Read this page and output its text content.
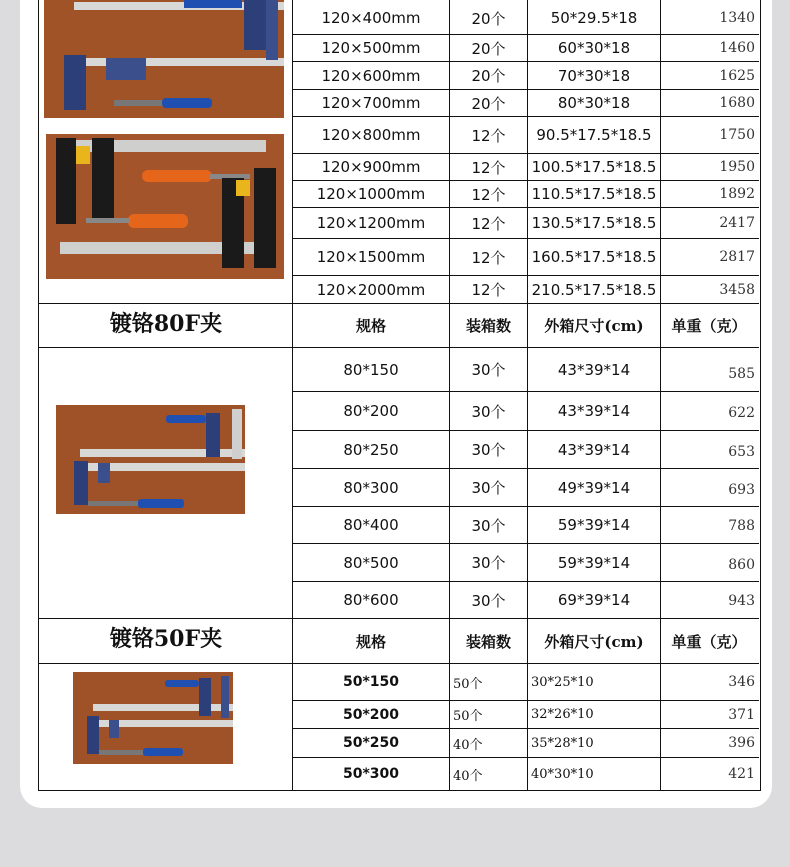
120×400mm	20个	50*29.5*18	1340
120×500mm	20个	60*30*18	1460
120×600mm	20个	70*30*18	1625
120×700mm	20个	80*30*18	1680
120×800mm	12个	90.5*17.5*18.5	1750
120×900mm	12个	100.5*17.5*18.5	1950
120×1000mm	12个	110.5*17.5*18.5	1892
120×1200mm	12个	130.5*17.5*18.5	2417
120×1500mm	12个	160.5*17.5*18.5	2817
120×2000mm	12个	210.5*17.5*18.5	3458
镀铬80F夹	规格	装箱数	外箱尺寸(cm)	单重（克）
80*150	30个	43*39*14	585
80*200	30个	43*39*14	622
80*250	30个	43*39*14	653
80*300	30个	49*39*14	693
80*400	30个	59*39*14	788
80*500	30个	59*39*14	860
80*600	30个	69*39*14	943
镀铬50F夹	规格	装箱数	外箱尺寸(cm)	单重（克）
50*150	50个	30*25*10	346
50*200	50个	32*26*10	371
50*250	40个	35*28*10	396
50*300	40个	40*30*10	421
